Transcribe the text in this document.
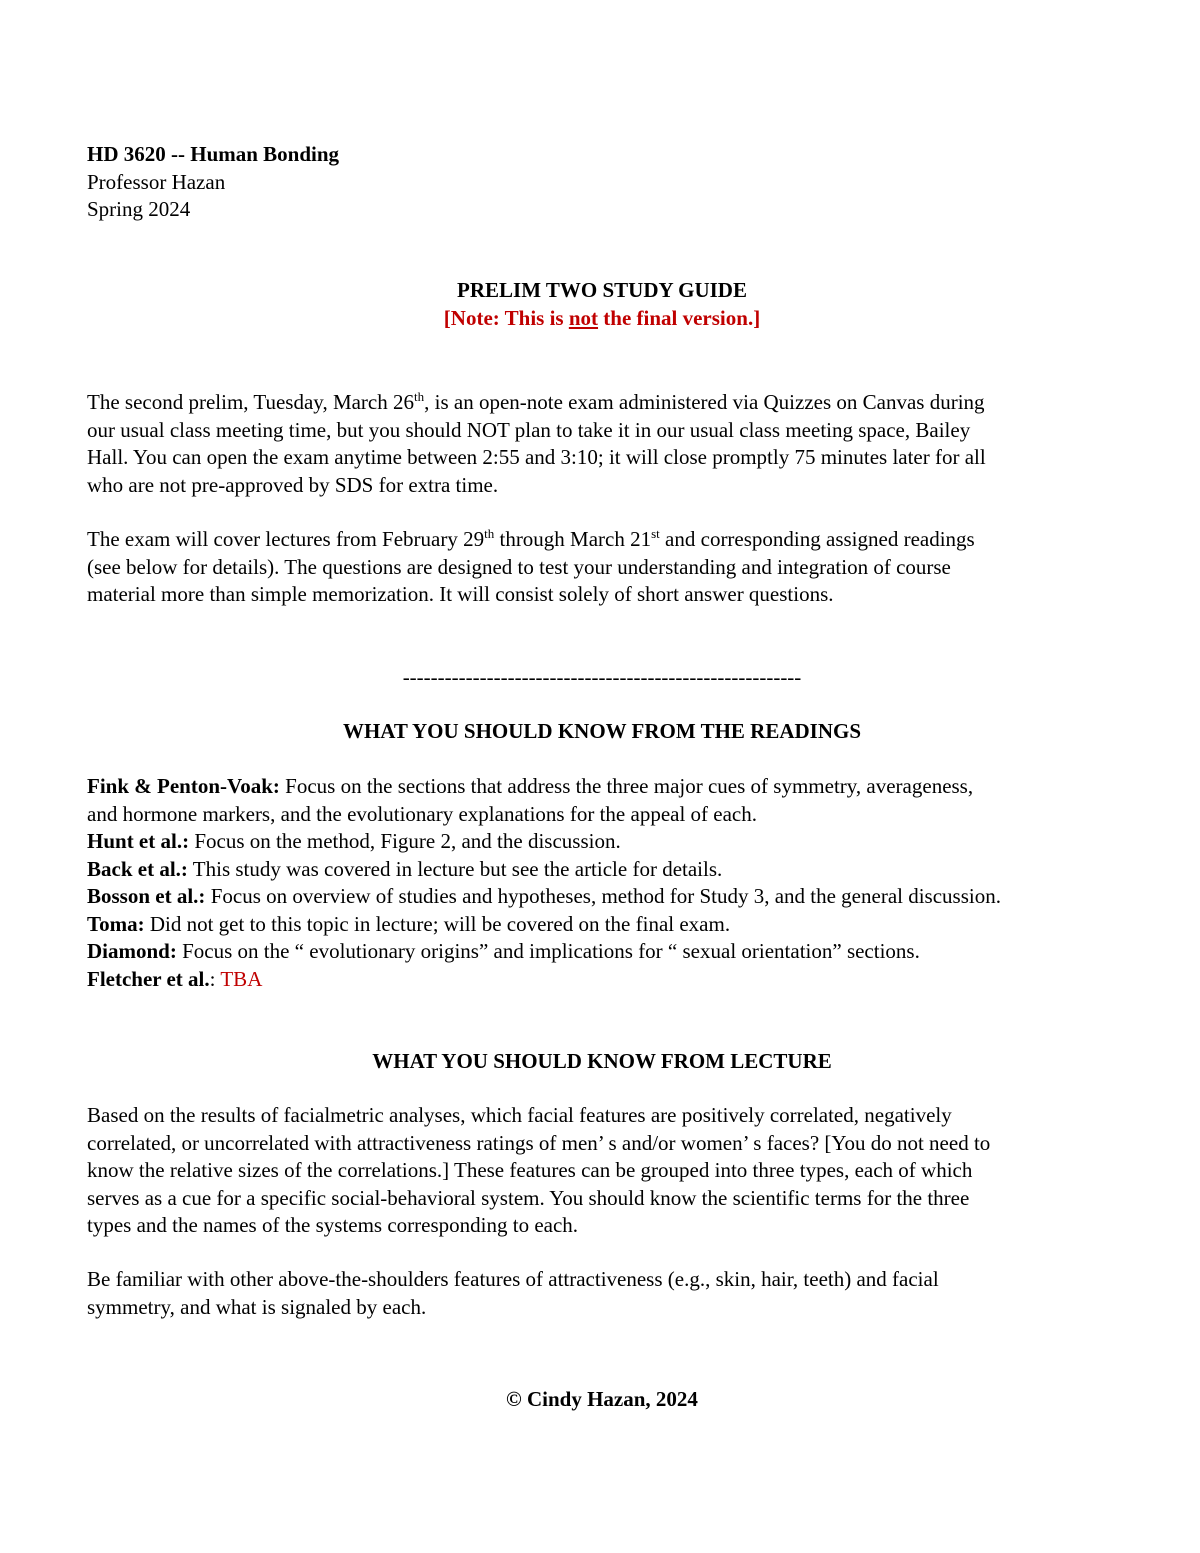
HD 3620 -- Human Bonding
Professor Hazan
Spring 2024
PRELIM TWO STUDY GUIDE
[Note: This is not the final version.]
The second prelim, Tuesday, March 26th, is an open-note exam administered via Quizzes on Canvas during
our usual class meeting time, but you should NOT plan to take it in our usual class meeting space, Bailey
Hall. You can open the exam anytime between 2:55 and 3:10; it will close promptly 75 minutes later for all
who are not pre-approved by SDS for extra time.
The exam will cover lectures from February 29th through March 21st and corresponding assigned readings
(see below for details). The questions are designed to test your understanding and integration of course
material more than simple memorization. It will consist solely of short answer questions.
---------------------------------------------------------
WHAT YOU SHOULD KNOW FROM THE READINGS
Fink & Penton-Voak: Focus on the sections that address the three major cues of symmetry, averageness,
and hormone markers, and the evolutionary explanations for the appeal of each.
Hunt et al.: Focus on the method, Figure 2, and the discussion.
Back et al.: This study was covered in lecture but see the article for details.
Bosson et al.: Focus on overview of studies and hypotheses, method for Study 3, and the general discussion.
Toma: Did not get to this topic in lecture; will be covered on the final exam.
Diamond: Focus on the “ evolutionary origins” and implications for “ sexual orientation” sections.
Fletcher et al.: TBA
WHAT YOU SHOULD KNOW FROM LECTURE
Based on the results of facialmetric analyses, which facial features are positively correlated, negatively
correlated, or uncorrelated with attractiveness ratings of men’ s and/or women’ s faces? [You do not need to
know the relative sizes of the correlations.] These features can be grouped into three types, each of which
serves as a cue for a specific social-behavioral system. You should know the scientific terms for the three
types and the names of the systems corresponding to each.
Be familiar with other above-the-shoulders features of attractiveness (e.g., skin, hair, teeth) and facial
symmetry, and what is signaled by each.
© Cindy Hazan, 2024
